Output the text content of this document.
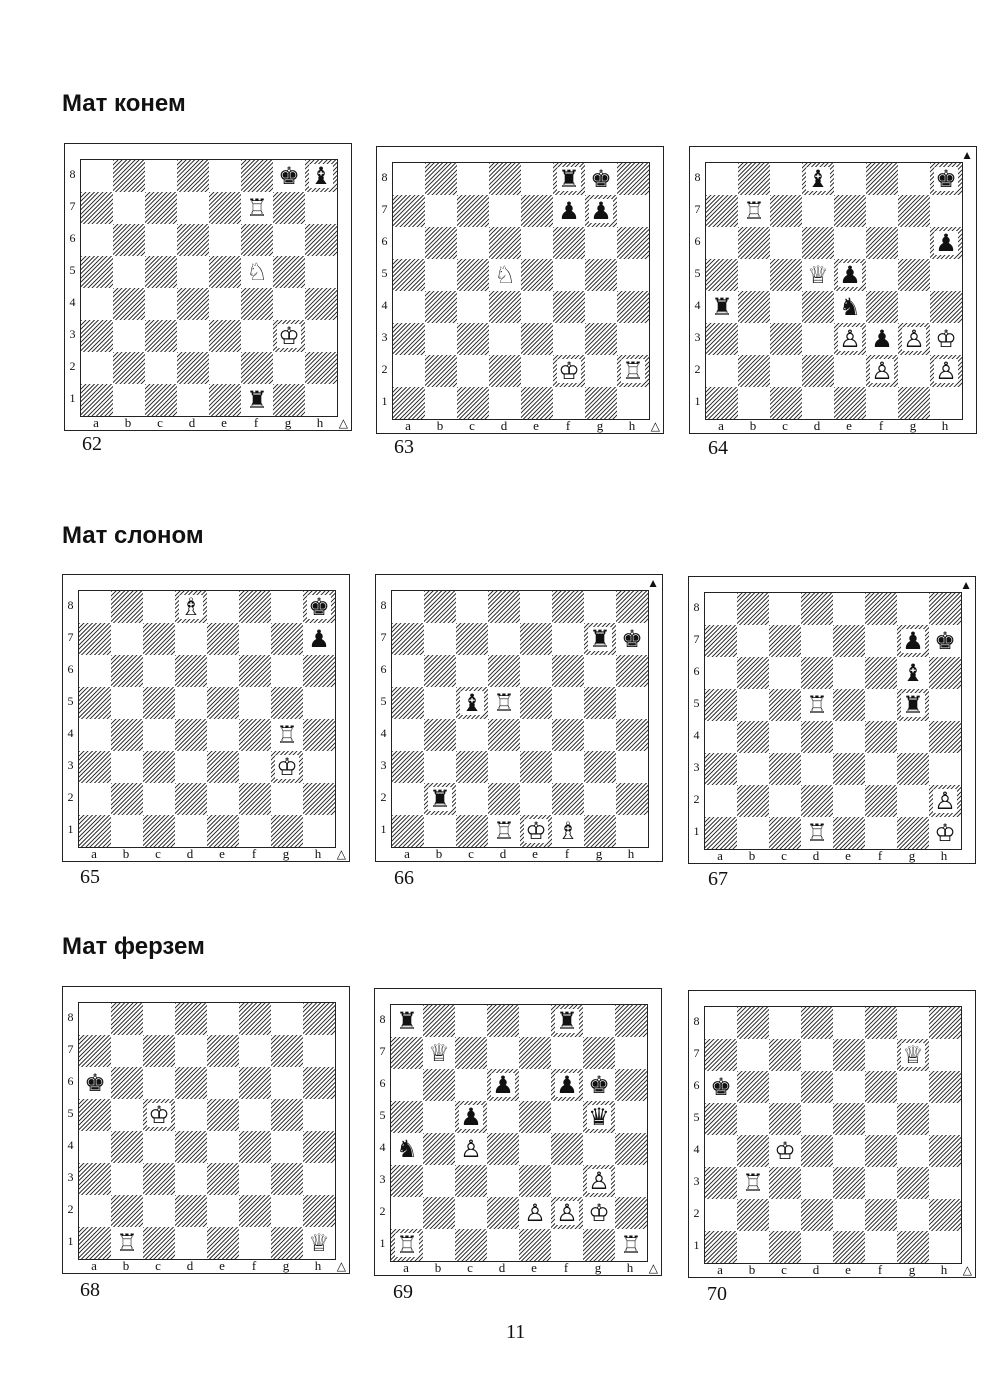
Мат конем
Мат слоном
Мат ферзем
♚ ♝
♖
♘
♔
♜
8
7
6
5
4
3
2
1
a	b	c	d	e	f	g	h	△
♜ ♚
♟ ♟
♘
♔ ♖
8
7
6
5
4
3
2
1
a	b	c	d	e	f	g	h	△
♝	♚
♖
♟
♕ ♟
♜	♞
♙ ♟ ♙ ♔
♙ ♙
8
7
6
5
4
3
2
1
a	b	c	d	e	f	g	h
▲
♗	♚
♟
♖
♔
8
7
6
5
4
3
2
1
a	b	c	d	e	f	g	h	△
♜ ♚
♝ ♖
♜
♖ ♔ ♗
8
7
6
5
4
3
2
1
a	b	c	d	e	f	g	h
▲
♟ ♚
♝
♖	♜
♙
♖	♔
8
7
6
5
4
3
2
1
a	b	c	d	e	f	g	h
▲
♚
♔
♖	♕
8
7
6
5
4
3
2
1
a	b	c	d	e	f	g	h	△
♜	♜
♕
♟ ♟ ♚
♟	♛
♞ ♙
♙
♙ ♙ ♔
♖	♖
8
7
6
5
4
3
2
1
a	b	c	d	e	f	g	h	△
♕
♚
♔
♖
8
7
6
5
4
3
2
1
a	b	c	d	e	f	g	h	△
62	63	64
65	66	67
68	69	70
11
